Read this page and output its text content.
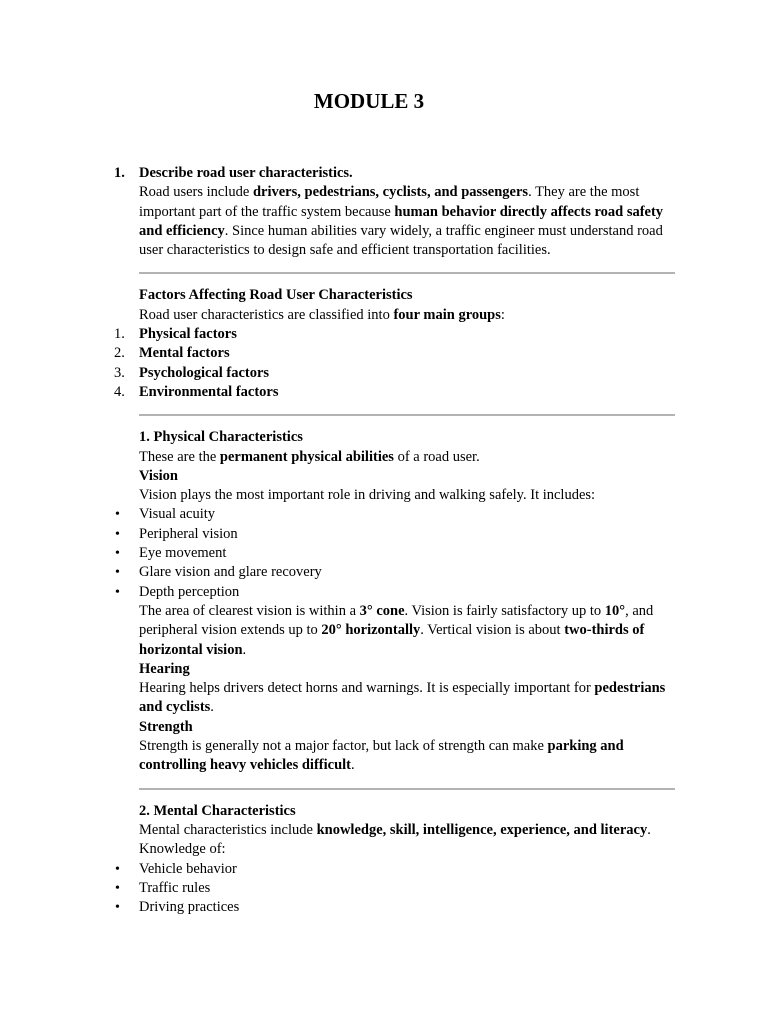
MODULE 3
1. Describe road user characteristics.

Road users include drivers, pedestrians, cyclists, and passengers. They are the most important part of the traffic system because human behavior directly affects road safety and efficiency. Since human abilities vary widely, a traffic engineer must understand road user characteristics to design safe and efficient transportation facilities.

Factors Affecting Road User Characteristics

Road user characteristics are classified into four main groups:

1. Physical factors
2. Mental factors
3. Psychological factors
4. Environmental factors
1. Physical Characteristics

These are the permanent physical abilities of a road user.

Vision

Vision plays the most important role in driving and walking safely. It includes:

• Visual acuity
• Peripheral vision
• Eye movement
• Glare vision and glare recovery
• Depth perception

The area of clearest vision is within a 3° cone. Vision is fairly satisfactory up to 10°, and peripheral vision extends up to 20° horizontally. Vertical vision is about two-thirds of horizontal vision.

Hearing

Hearing helps drivers detect horns and warnings. It is especially important for pedestrians and cyclists.

Strength

Strength is generally not a major factor, but lack of strength can make parking and controlling heavy vehicles difficult.

2. Mental Characteristics

Mental characteristics include knowledge, skill, intelligence, experience, and literacy.

Knowledge of:

• Vehicle behavior
• Traffic rules
• Driving practices
